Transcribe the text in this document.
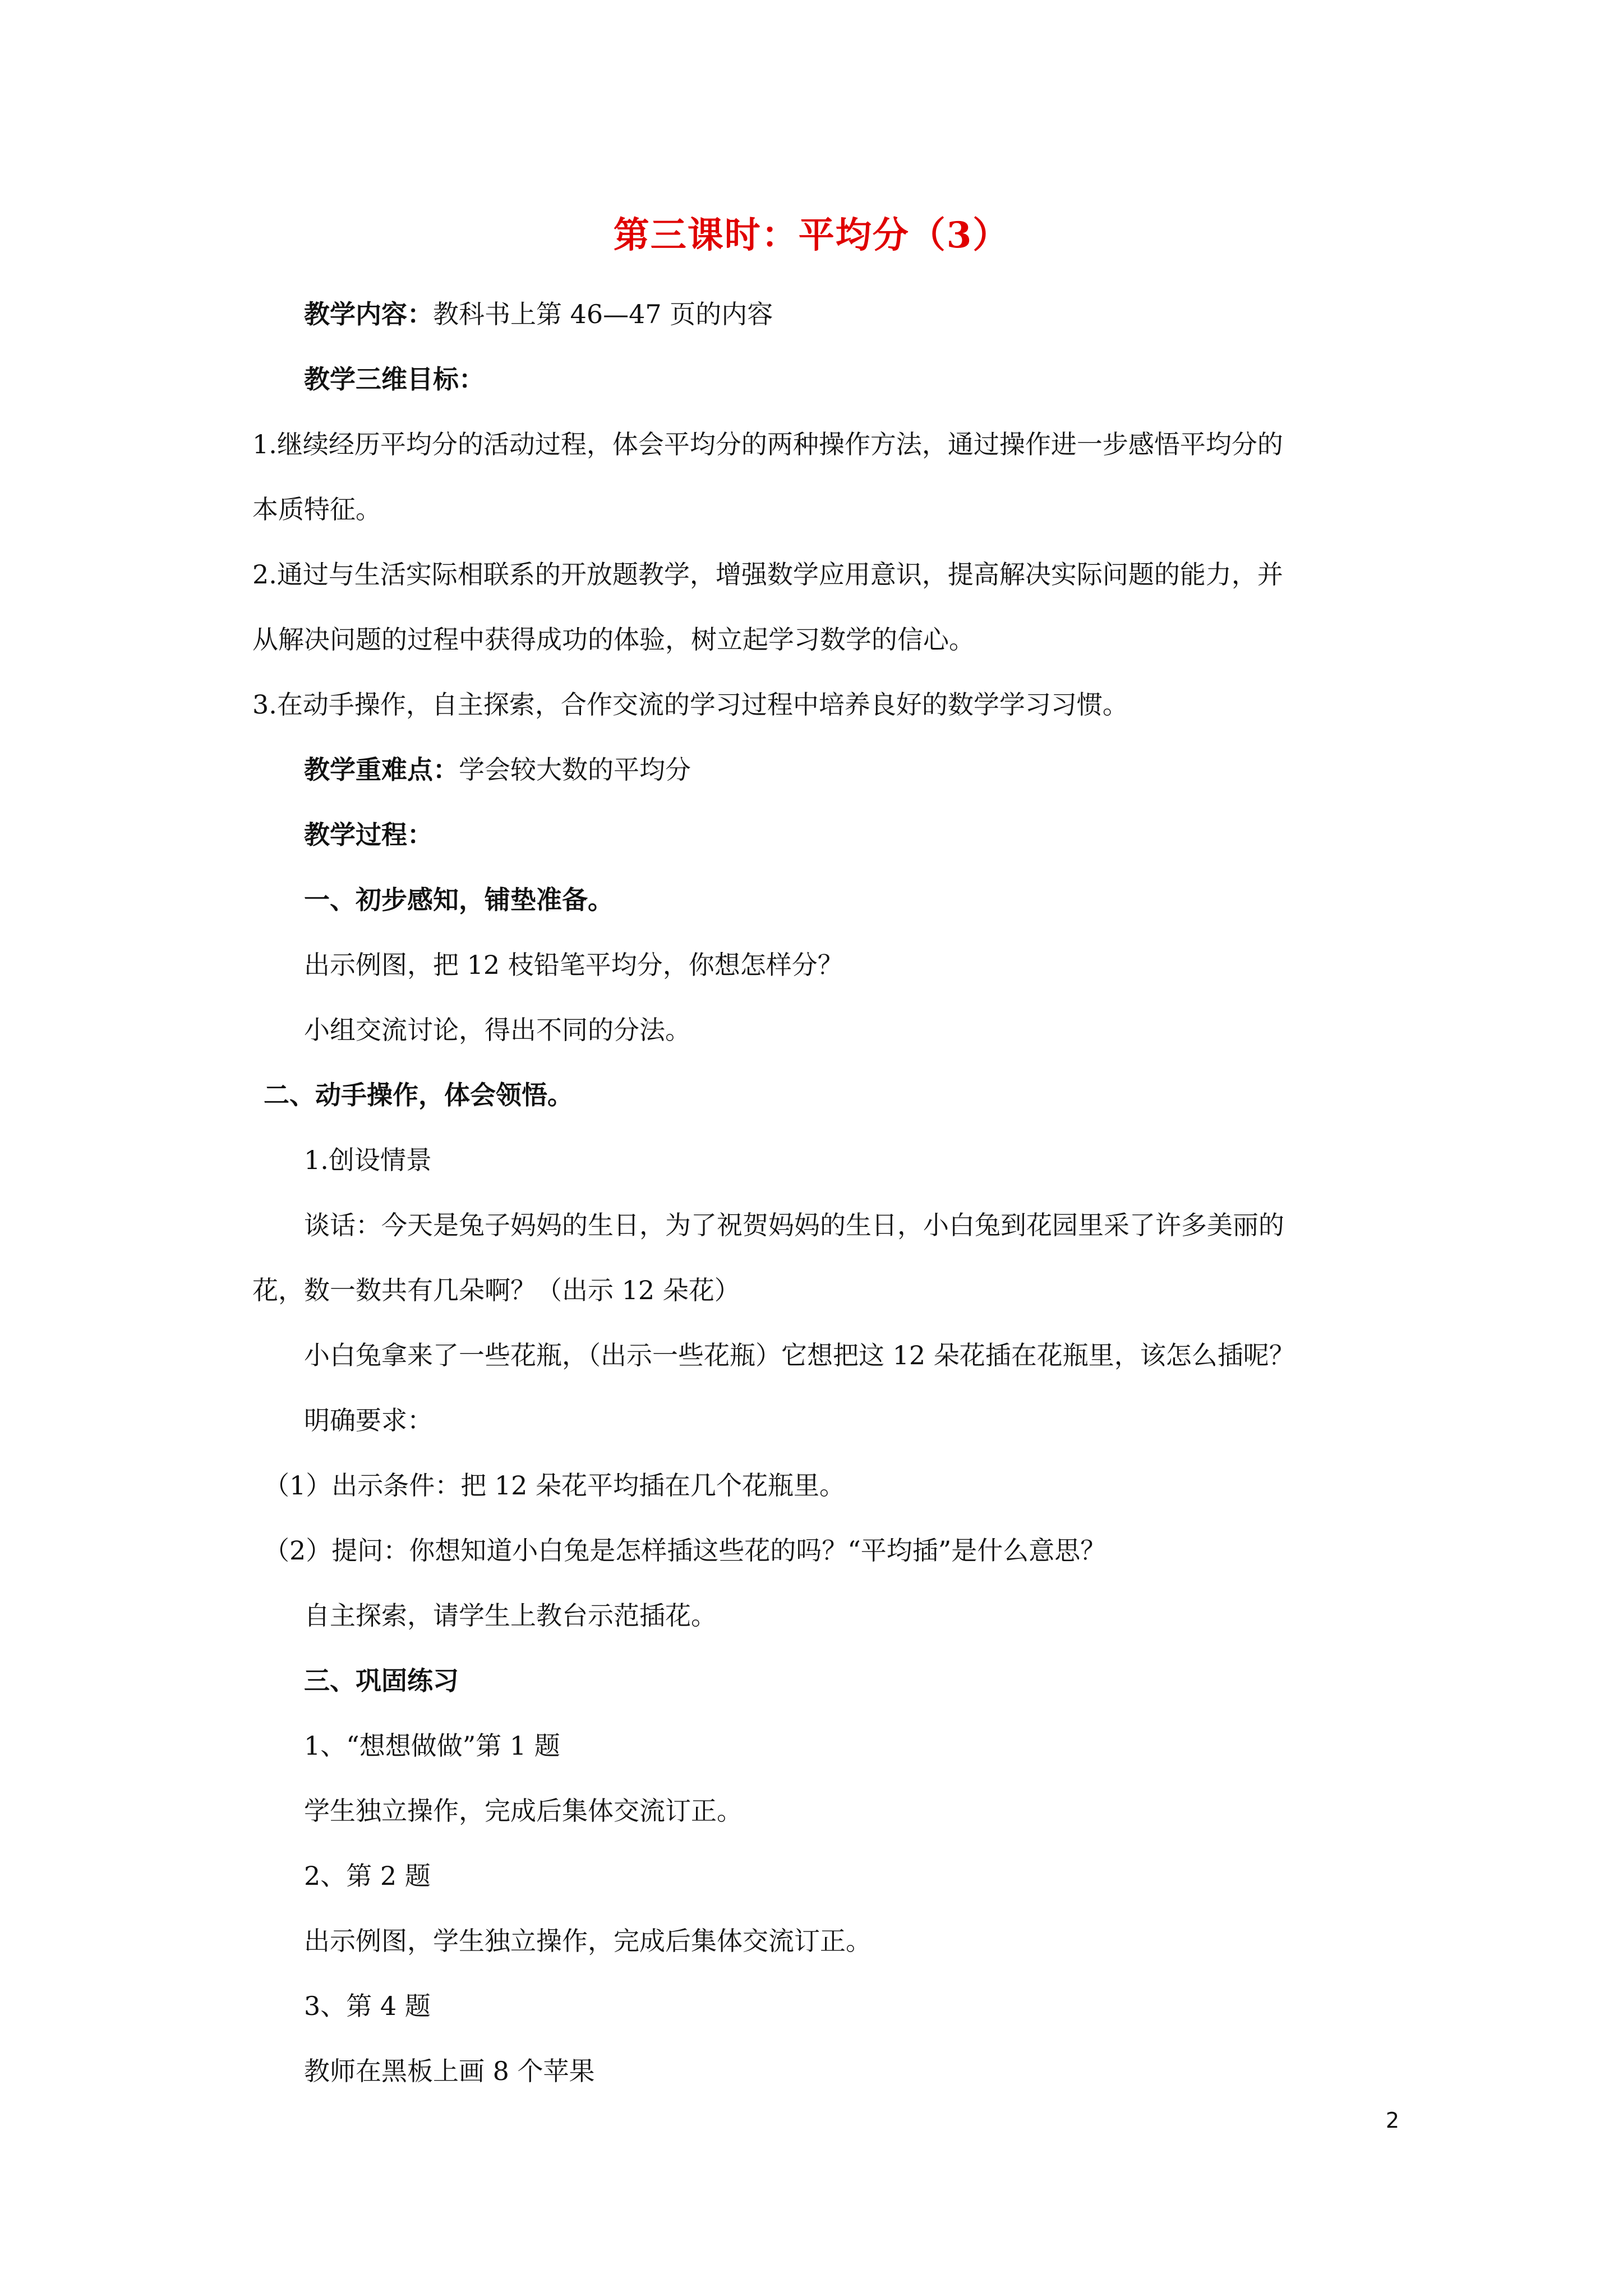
第三课时：平均分（3）
教学内容：教科书上第 46—47 页的内容
教学三维目标：
1.继续经历平均分的活动过程，体会平均分的两种操作方法，通过操作进一步感悟平均分的
本质特征。
2.通过与生活实际相联系的开放题教学，增强数学应用意识，提高解决实际问题的能力，并
从解决问题的过程中获得成功的体验，树立起学习数学的信心。
3.在动手操作，自主探索，合作交流的学习过程中培养良好的数学学习习惯。
教学重难点：学会较大数的平均分
教学过程：
一、初步感知，铺垫准备。
出示例图，把 12 枝铅笔平均分，你想怎样分？
小组交流讨论，得出不同的分法。
二、动手操作，体会领悟。
1.创设情景
谈话：今天是兔子妈妈的生日，为了祝贺妈妈的生日，小白兔到花园里采了许多美丽的
花，数一数共有几朵啊？（出示 12 朵花）
小白兔拿来了一些花瓶，（出示一些花瓶）它想把这 12 朵花插在花瓶里，该怎么插呢？
明确要求：
（1）出示条件：把 12 朵花平均插在几个花瓶里。
（2）提问：你想知道小白兔是怎样插这些花的吗？“平均插”是什么意思？
自主探索，请学生上教台示范插花。
三、巩固练习
1、“想想做做”第 1 题
学生独立操作，完成后集体交流订正。
2、第 2 题
出示例图，学生独立操作，完成后集体交流订正。
3、第 4 题
教师在黑板上画 8 个苹果
2
